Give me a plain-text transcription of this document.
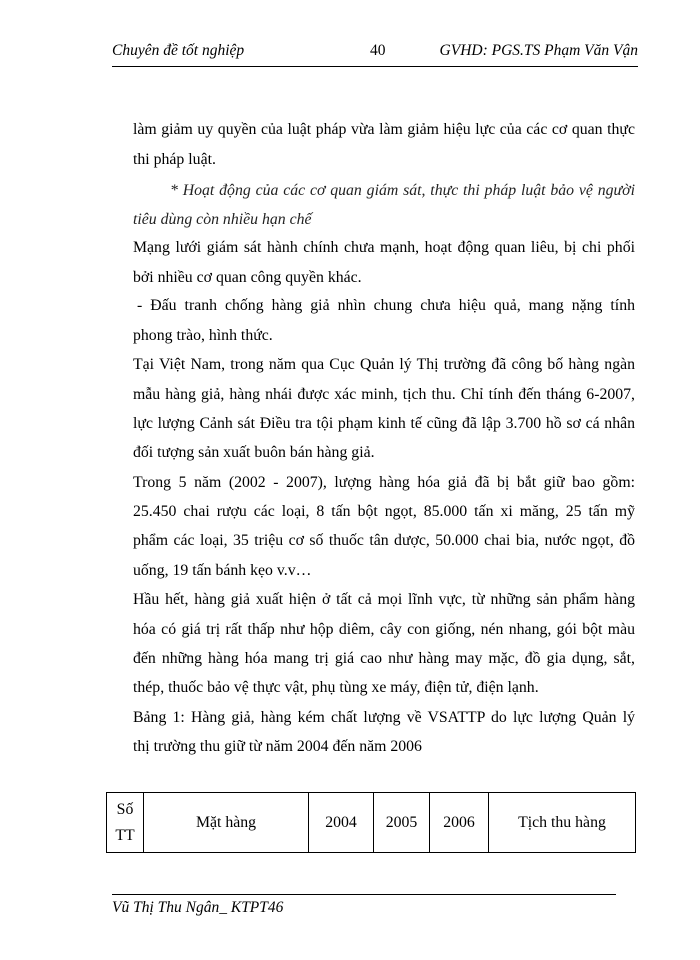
Chuyên đề tốt nghiệp	40	GVHD: PGS.TS Phạm Văn Vận
làm giảm uy quyền của luật pháp vừa làm giảm hiệu lực của các cơ quan thực
thi pháp luật.
* Hoạt động của các cơ quan giám sát, thực thi pháp luật bảo vệ người
tiêu dùng còn nhiều hạn chế
Mạng lưới giám sát hành chính chưa mạnh, hoạt động quan liêu, bị chi phối
bởi nhiều cơ quan công quyền khác.
- Đấu tranh chống hàng giả nhìn chung chưa hiệu quả, mang nặng tính
phong trào, hình thức.
Tại Việt Nam, trong năm qua Cục Quản lý Thị trường đã công bố hàng ngàn
mẫu hàng giả, hàng nhái được xác minh, tịch thu. Chỉ tính đến tháng 6-2007,
lực lượng Cảnh sát Điều tra tội phạm kinh tế cũng đã lập 3.700 hồ sơ cá nhân
đối tượng sản xuất buôn bán hàng giả.
Trong 5 năm (2002 - 2007), lượng hàng hóa giả đã bị bắt giữ bao gồm:
25.450 chai rượu các loại, 8 tấn bột ngọt, 85.000 tấn xi măng, 25 tấn mỹ
phẩm các loại, 35 triệu cơ số thuốc tân dược, 50.000 chai bia, nước ngọt, đồ
uống, 19 tấn bánh kẹo v.v…
Hầu hết, hàng giả xuất hiện ở tất cả mọi lĩnh vực, từ những sản phẩm hàng
hóa có giá trị rất thấp như hộp diêm, cây con giống, nén nhang, gói bột màu
đến những hàng hóa mang trị giá cao như hàng may mặc, đồ gia dụng, sắt,
thép, thuốc bảo vệ thực vật, phụ tùng xe máy, điện tử, điện lạnh.
Bảng 1: Hàng giả, hàng kém chất lượng về VSATTP do lực lượng Quản lý
thị trường thu giữ từ năm 2004 đến năm 2006
Số TT	Mặt hàng	2004	2005	2006	Tịch thu hàng
Vũ Thị Thu Ngân_ KTPT46
